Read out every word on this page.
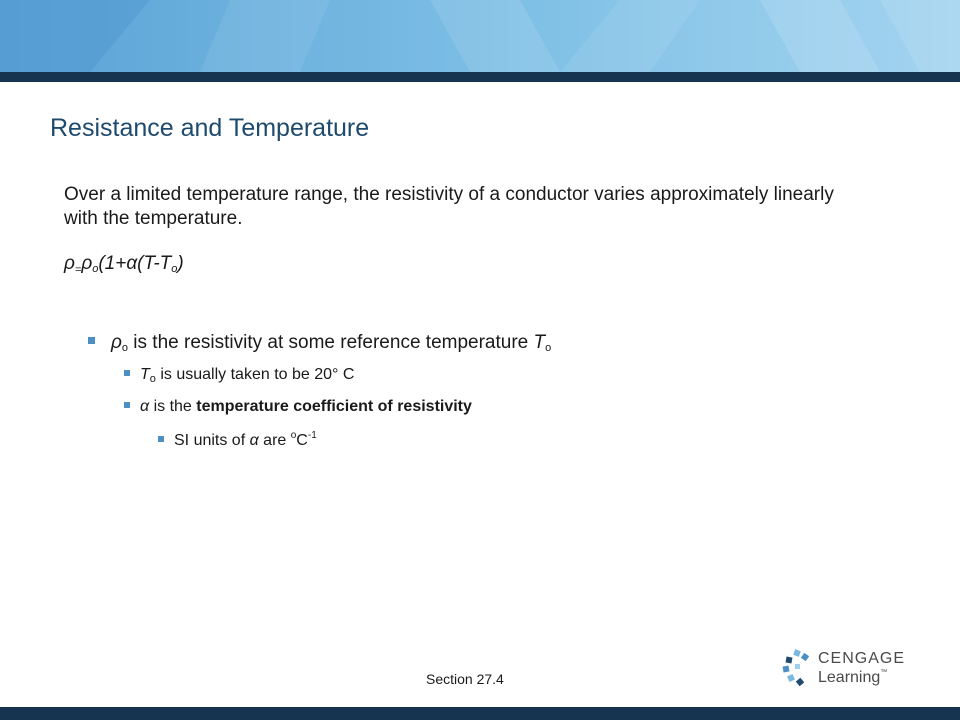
Resistance and Temperature
Over a limited temperature range, the resistivity of a conductor varies approximately linearly with the temperature.
$\rho_=\rho_o(1+\alpha(T-T_o)$
$\rho_o$ is the resistivity at some reference temperature $T_o$
$T_o$ is usually taken to be 20° C
α is the temperature coefficient of resistivity
SI units of α are $^oC^{-1}$
Section 27.4
CENGAGE
Learning™
